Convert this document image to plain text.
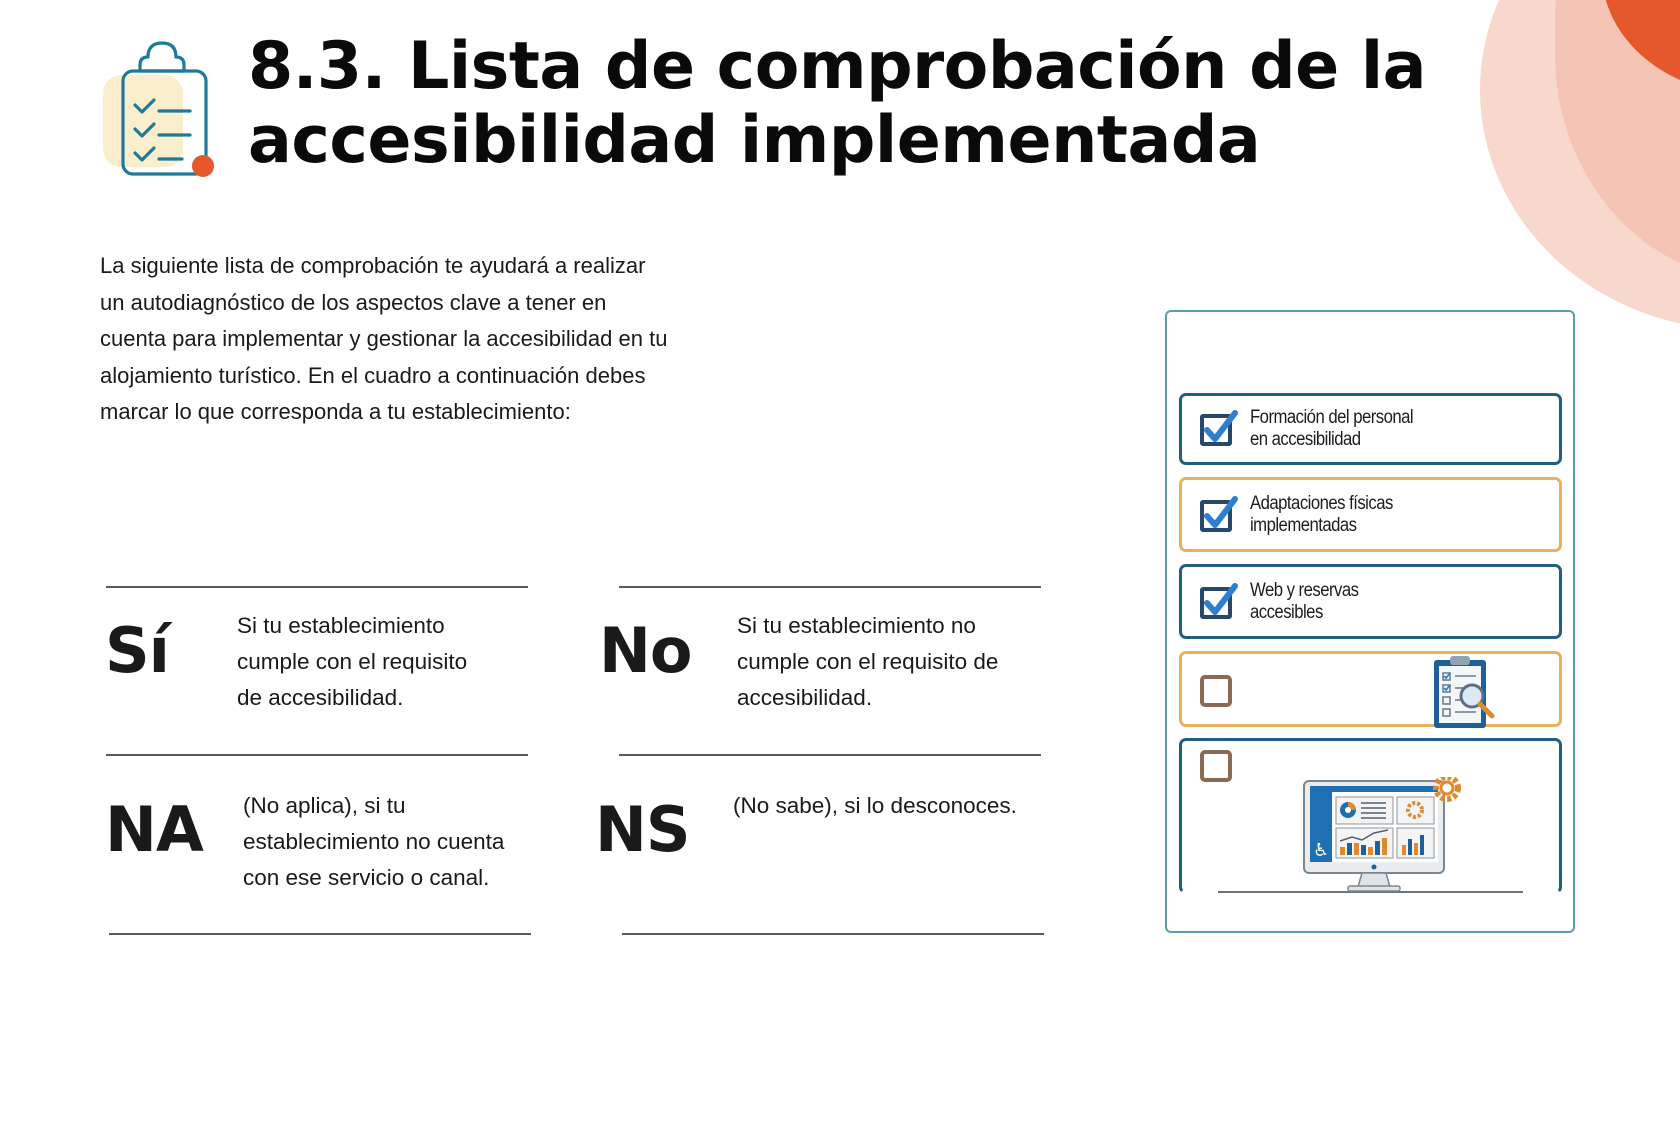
8.3. Lista de comprobación de la
accesibilidad implementada
La siguiente lista de comprobación te ayudará a realizar
un autodiagnóstico de los aspectos clave a tener en
cuenta para implementar y gestionar la accesibilidad en tu
alojamiento turístico. En el cuadro a continuación debes
marcar lo que corresponda a tu establecimiento:
Sí	Si tu establecimiento
cumple con el requisito
de accesibilidad.
No Si tu establecimiento no
cumple con el requisito de
accesibilidad.
NA (No aplica), si tu
establecimiento no cuenta
con ese servicio o canal.
NS (No sabe), si lo desconoces.
Formación del personal
en accesibilidad
Adaptaciones físicas
implementadas
Web y reservas
accesibles
♿
